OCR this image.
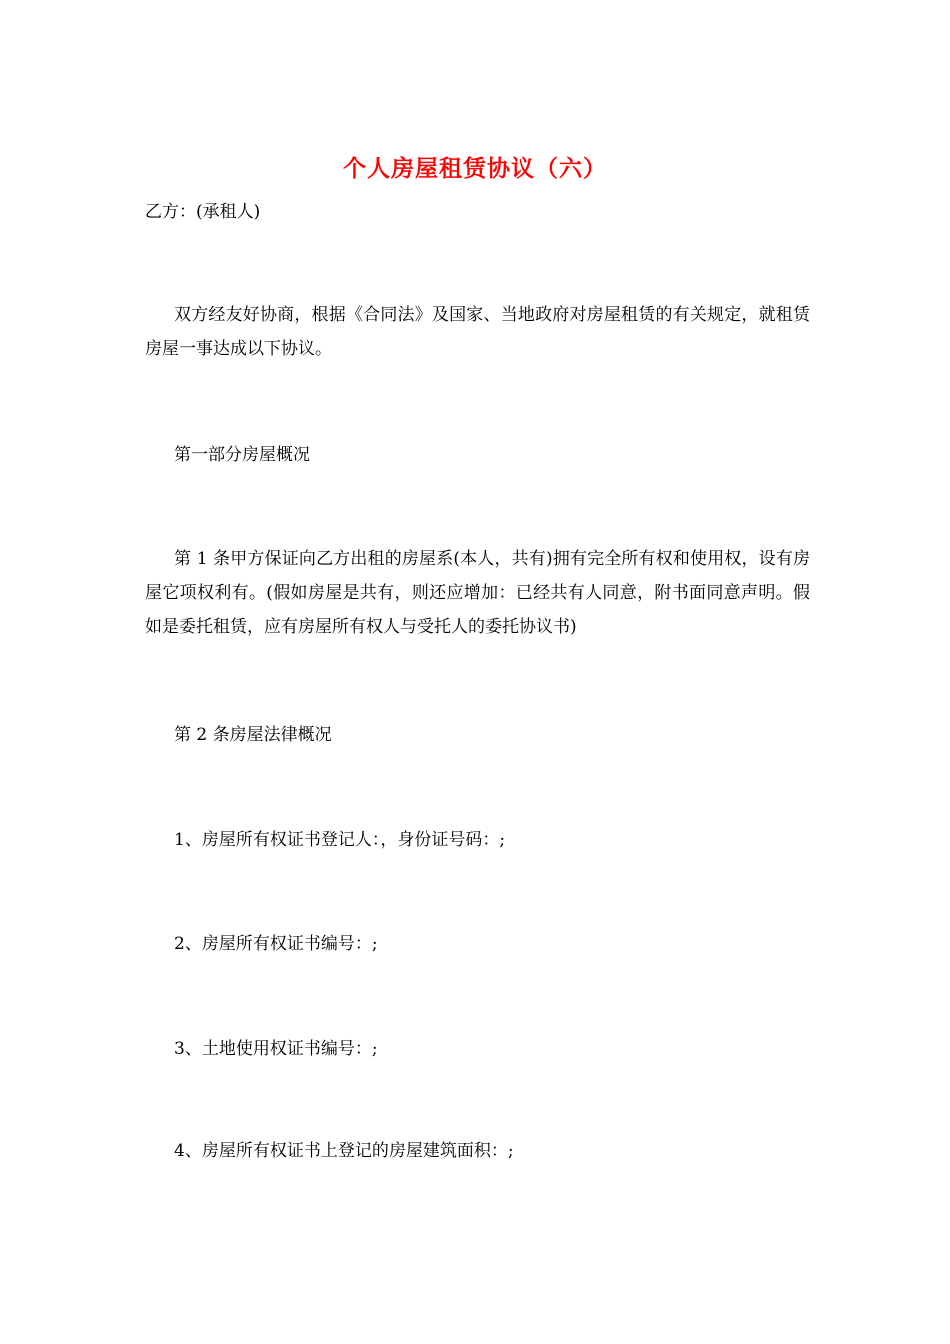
个人房屋租赁协议（六）

乙方：(承租人)

双方经友好协商，根据《合同法》及国家、当地政府对房屋租赁的有关规定，就租赁房屋一事达成以下协议。

第一部分房屋概况

第 1 条甲方保证向乙方出租的房屋系(本人，共有)拥有完全所有权和使用权，设有房屋它项权利有。(假如房屋是共有，则还应增加：已经共有人同意，附书面同意声明。假如是委托租赁，应有房屋所有权人与受托人的委托协议书)

第 2 条房屋法律概况

1、房屋所有权证书登记人：，身份证号码：;

2、房屋所有权证书编号：;

3、土地使用权证书编号：;

4、房屋所有权证书上登记的房屋建筑面积：;
